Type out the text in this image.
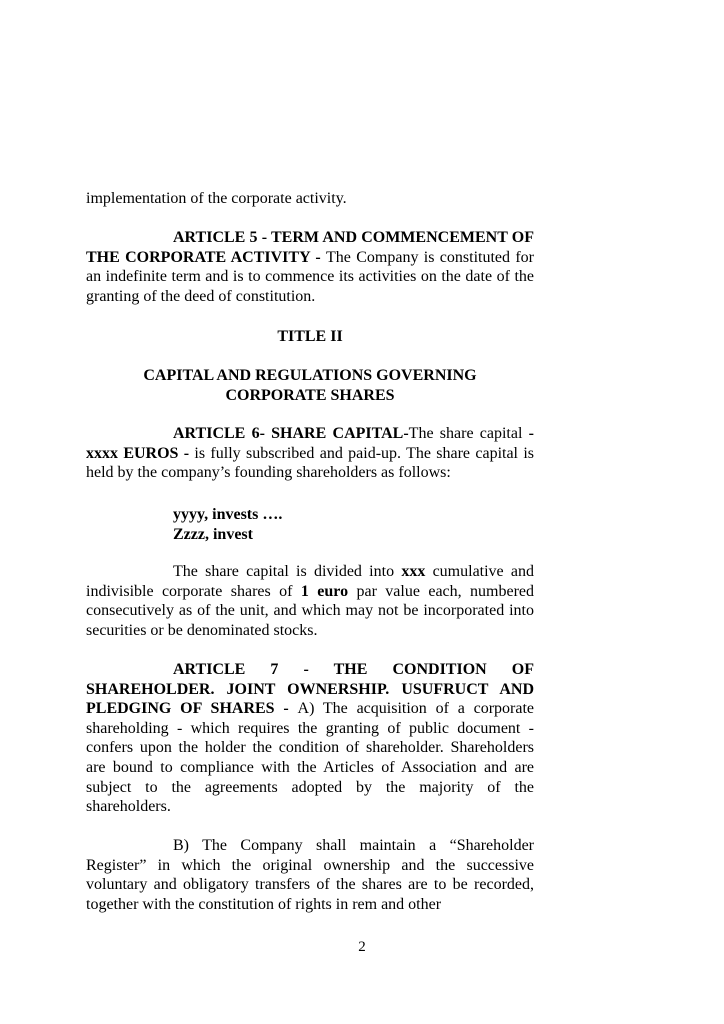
implementation of the corporate activity.

ARTICLE 5 - TERM AND COMMENCEMENT OF THE CORPORATE ACTIVITY - The Company is constituted for an indefinite term and is to commence its activities on the date of the granting of the deed of constitution.

TITLE II

CAPITAL AND REGULATIONS GOVERNING
CORPORATE SHARES

ARTICLE 6- SHARE CAPITAL-The share capital - xxxx EUROS - is fully subscribed and paid-up. The share capital is held by the company’s founding shareholders as follows:

yyyy, invests ….
Zzzz, invest

The share capital is divided into xxx cumulative and indivisible corporate shares of 1 euro par value each, numbered consecutively as of the unit, and which may not be incorporated into securities or be denominated stocks.

ARTICLE 7 - THE CONDITION OF SHAREHOLDER. JOINT OWNERSHIP. USUFRUCT AND PLEDGING OF SHARES - A) The acquisition of a corporate shareholding - which requires the granting of public document - confers upon the holder the condition of shareholder. Shareholders are bound to compliance with the Articles of Association and are subject to the agreements adopted by the majority of the shareholders.

B) The Company shall maintain a “Shareholder Register” in which the original ownership and the successive voluntary and obligatory transfers of the shares are to be recorded, together with the constitution of rights in rem and other

2
